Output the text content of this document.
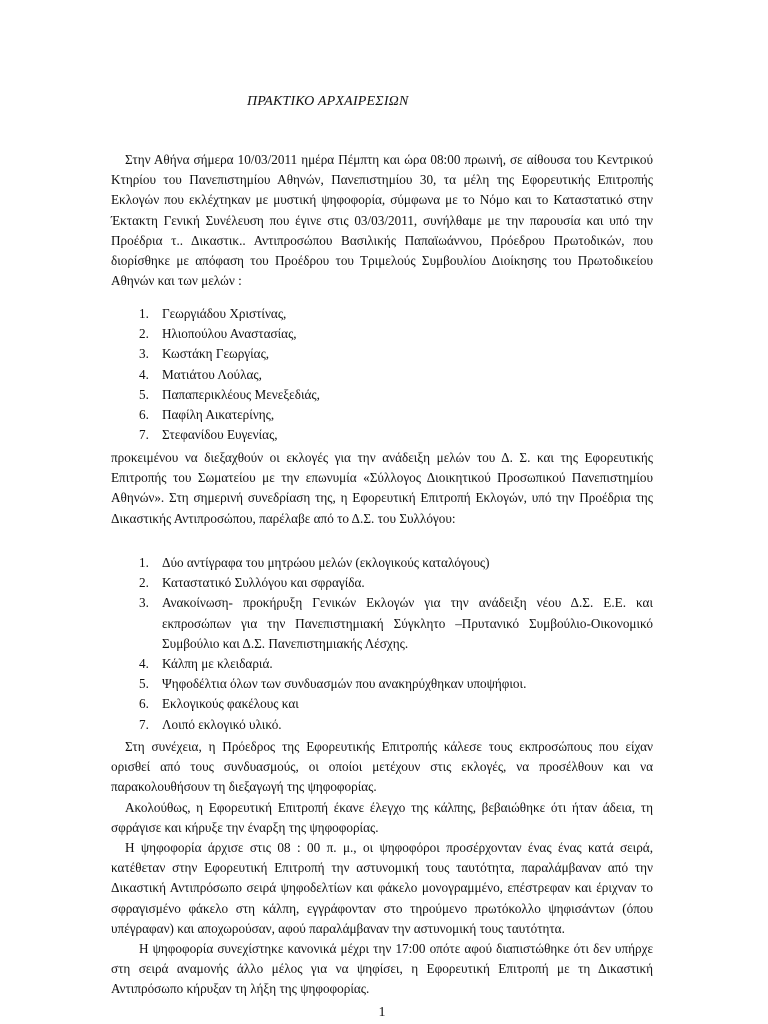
ΠΡΑΚΤΙΚΟ ΑΡΧΑΙΡΕΣΙΩΝ

Στην Αθήνα σήμερα 10/03/2011 ημέρα Πέμπτη και ώρα 08:00 πρωινή, σε αίθουσα του Κεντρικού Κτηρίου του Πανεπιστημίου Αθηνών, Πανεπιστημίου 30, τα μέλη της Εφορευτικής Επιτροπής Εκλογών που εκλέχτηκαν με μυστική ψηφοφορία, σύμφωνα με το Νόμο και το Καταστατικό στην Έκτακτη Γενική Συνέλευση που έγινε στις 03/03/2011, συνήλθαμε με την παρουσία και υπό την Προέδρια τ.. Δικαστικ.. Αντιπροσώπου Βασιλικής Παπαϊωάννου, Πρόεδρου Πρωτοδικών, που διορίσθηκε με απόφαση του Προέδρου του Τριμελούς Συμβουλίου Διοίκησης του Πρωτοδικείου Αθηνών και των μελών :

1. Γεωργιάδου Χριστίνας,
2. Ηλιοπούλου Αναστασίας,
3. Κωστάκη Γεωργίας,
4. Ματιάτου Λούλας,
5. Παπαπερικλέους Μενεξεδιάς,
6. Παφίλη Αικατερίνης,
7. Στεφανίδου Ευγενίας,

προκειμένου να διεξαχθούν οι εκλογές για την ανάδειξη μελών του Δ. Σ. και της Εφορευτικής Επιτροπής του Σωματείου με την επωνυμία «Σύλλογος Διοικητικού Προσωπικού Πανεπιστημίου Αθηνών». Στη σημερινή συνεδρίαση της, η Εφορευτική Επιτροπή Εκλογών, υπό την Προέδρια της Δικαστικής Αντιπροσώπου, παρέλαβε από το Δ.Σ. του Συλλόγου:

1. Δύο αντίγραφα του μητρώου μελών (εκλογικούς καταλόγους)
2. Καταστατικό Συλλόγου και σφραγίδα.
3. Ανακοίνωση- προκήρυξη Γενικών Εκλογών για την ανάδειξη νέου Δ.Σ. Ε.Ε. και εκπροσώπων για την Πανεπιστημιακή Σύγκλητο –Πρυτανικό Συμβούλιο-Οικονομικό Συμβούλιο και Δ.Σ. Πανεπιστημιακής Λέσχης.
4. Κάλπη με κλειδαριά.
5. Ψηφοδέλτια όλων των συνδυασμών που ανακηρύχθηκαν υποψήφιοι.
6. Εκλογικούς φακέλους και
7. Λοιπό εκλογικό υλικό.

Στη συνέχεια, η Πρόεδρος της Εφορευτικής Επιτροπής κάλεσε τους εκπροσώπους που είχαν ορισθεί από τους συνδυασμούς, οι οποίοι μετέχουν στις εκλογές, να προσέλθουν και να παρακολουθήσουν τη διεξαγωγή της ψηφοφορίας.

Ακολούθως, η Εφορευτική Επιτροπή έκανε έλεγχο της κάλπης, βεβαιώθηκε ότι ήταν άδεια, τη σφράγισε και κήρυξε την έναρξη της ψηφοφορίας.

Η ψηφοφορία άρχισε στις 08 : 00 π. μ., οι ψηφοφόροι προσέρχονταν ένας ένας κατά σειρά, κατέθεταν στην Εφορευτική Επιτροπή την αστυνομική τους ταυτότητα, παραλάμβαναν από την Δικαστική Αντιπρόσωπο σειρά ψηφοδελτίων και φάκελο μονογραμμένο, επέστρεφαν και έριχναν το σφραγισμένο φάκελο στη κάλπη, εγγράφονταν στο τηρούμενο πρωτόκολλο ψηφισάντων (όπου υπέγραφαν) και αποχωρούσαν, αφού παραλάμβαναν την αστυνομική τους ταυτότητα.

Η ψηφοφορία συνεχίστηκε κανονικά μέχρι την 17:00 οπότε αφού διαπιστώθηκε ότι δεν υπήρχε στη σειρά αναμονής άλλο μέλος για να ψηφίσει, η Εφορευτική Επιτροπή με τη Δικαστική Αντιπρόσωπο κήρυξαν τη λήξη της ψηφοφορίας.

1
